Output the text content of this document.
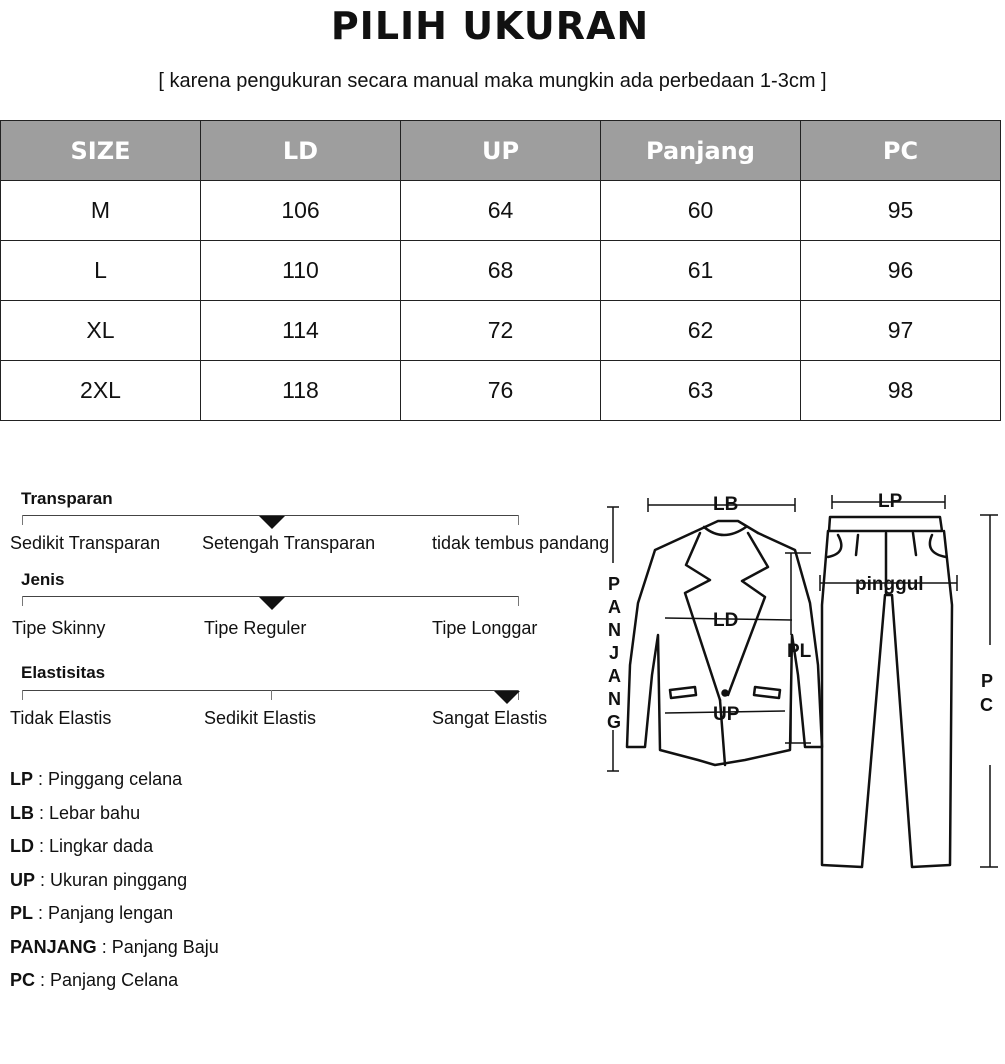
PILIH UKURAN
[ karena pengukuran secara manual maka mungkin ada perbedaan 1-3cm ]
SIZE	LD	UP	Panjang	PC
M	106	64	60	95
L	110	68	61	96
XL	114	72	62	97
2XL	118	76	63	98
Transparan
Sedikit Transparan Setengah Transparan	tidak tembus pandang
Jenis
Tipe Skinny	Tipe Reguler	Tipe Longgar
Elastisitas
Tidak Elastis	Sedikit Elastis	Sangat Elastis
LP : Pinggang celana
LB : Lebar bahu
LD : Lingkar dada
UP : Ukuran pinggang
PL : Panjang lengan
PANJANG : Panjang Baju
PC : Panjang Celana
LB	LP
pinggul
LD
UP
PL
P
A
N
J
A
N
G
P
C
